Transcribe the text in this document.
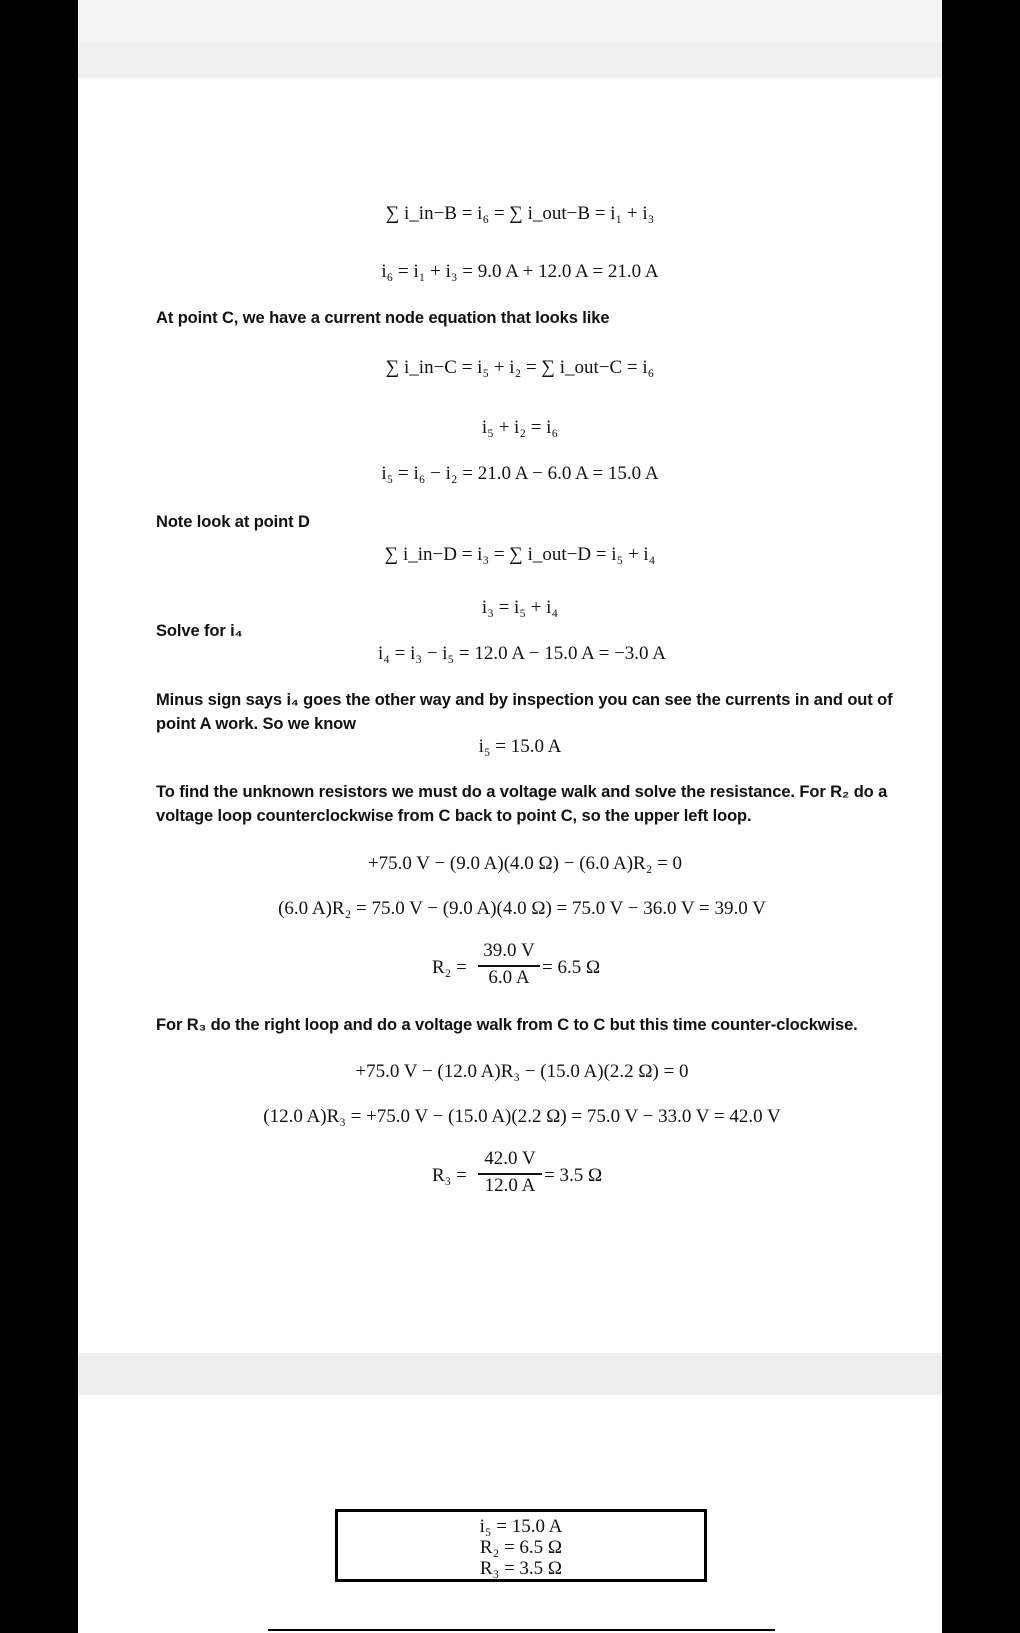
∑ i_in−B = i₆ = ∑ i_out−B = i₁ + i₃
i₆ = i₁ + i₃ = 9.0 A + 12.0 A = 21.0 A
At point C, we have a current node equation that looks like
∑ i_in−C = i₅ + i₂ = ∑ i_out−C = i₆
i₅ + i₂ = i₆
i₅ = i₆ − i₂ = 21.0 A − 6.0 A = 15.0 A
Note look at point D
∑ i_in−D = i₃ = ∑ i_out−D = i₅ + i₄
i₃ = i₅ + i₄
Solve for i₄
i₄ = i₃ − i₅ = 12.0 A − 15.0 A = −3.0 A
Minus sign says i₄ goes the other way and by inspection you can see the currents in and out of point A work. So we know
i₅ = 15.0 A
To find the unknown resistors we must do a voltage walk and solve the resistance. For R₂ do a voltage loop counterclockwise from C back to point C, so the upper left loop.
+75.0 V − (9.0 A)(4.0 Ω) − (6.0 A)R₂ = 0
(6.0 A)R₂ = 75.0 V − (9.0 A)(4.0 Ω) = 75.0 V − 36.0 V = 39.0 V
R₂ =
39.0 V
6.0 A = 6.5 Ω
For R₃ do the right loop and do a voltage walk from C to C but this time counter-clockwise.
+75.0 V − (12.0 A)R₃ − (15.0 A)(2.2 Ω) = 0
(12.0 A)R₃ = +75.0 V − (15.0 A)(2.2 Ω) = 75.0 V − 33.0 V = 42.0 V
R₃ =
42.0 V
12.0 A = 3.5 Ω
i₅ = 15.0 A
R₂ = 6.5 Ω
R₃ = 3.5 Ω
